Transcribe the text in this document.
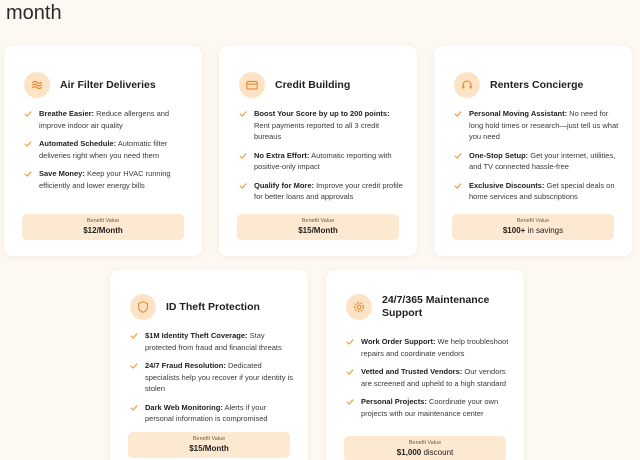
month
Air Filter Deliveries
Breathe Easier: Reduce allergens and improve indoor air quality
Automated Schedule: Automatic filter deliveries right when you need them
Save Money: Keep your HVAC running efficiently and lower energy bills
Benefit Value
$12/Month
Credit Building
Boost Your Score by up to 200 points: Rent payments reported to all 3 credit bureaus
No Extra Effort: Automatic reporting with positive-only impact
Qualify for More: Improve your credit profile for better loans and approvals
Benefit Value
$15/Month
Renters Concierge
Personal Moving Assistant: No need for long hold times or research—just tell us what you need
One-Stop Setup: Get your internet, utilities, and TV connected hassle-free
Exclusive Discounts: Get special deals on home services and subscriptions
Benefit Value
$100+ in savings
ID Theft Protection
$1M Identity Theft Coverage: Stay protected from fraud and financial threats
24/7 Fraud Resolution: Dedicated specialists help you recover if your identity is stolen
Dark Web Monitoring: Alerts if your personal information is compromised
Benefit Value
$15/Month
24/7/365 Maintenance Support
Work Order Support: We help troubleshoot repairs and coordinate vendors
Vetted and Trusted Vendors: Our vendors are screened and upheld to a high standard
Personal Projects: Coordinate your own projects with our maintenance center
Benefit Value
$1,000 discount
